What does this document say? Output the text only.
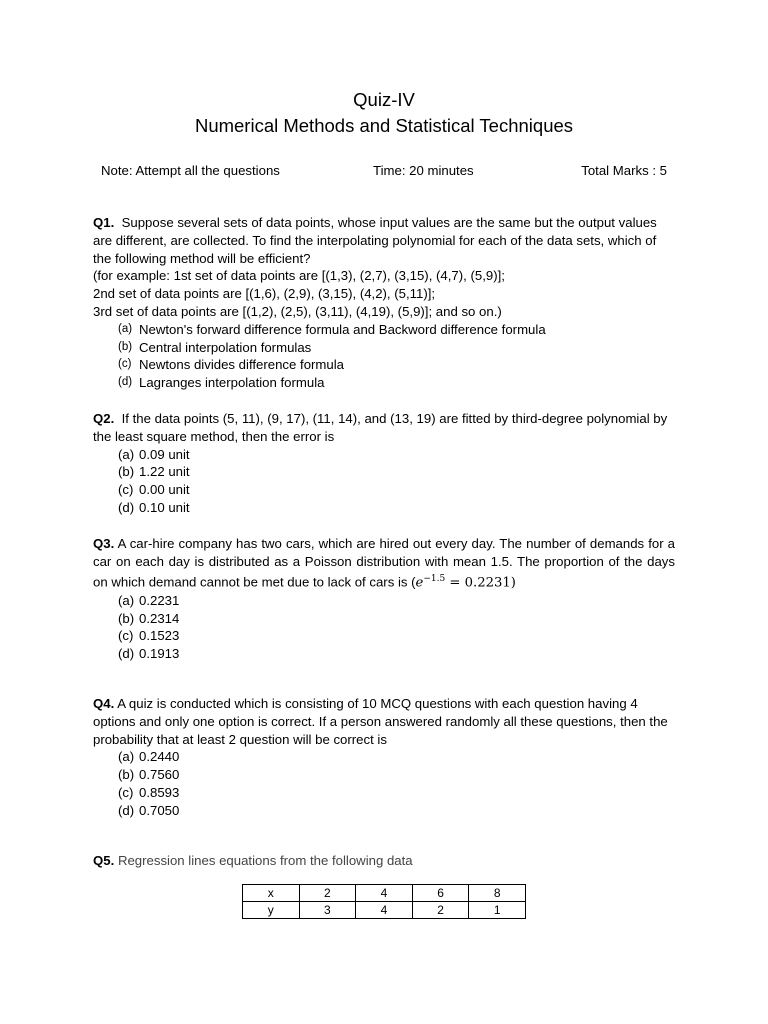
Quiz-IV
Numerical Methods and Statistical Techniques
Note: Attempt all the questions	Time: 20 minutes	Total Marks : 5

Q1. Suppose several sets of data points, whose input values are the same but the output values are different, are collected. To find the interpolating polynomial for each of the data sets, which of the following method will be efficient?

(for example: 1st set of data points are [(1,3), (2,7), (3,15), (4,7), (5,9)];

2nd set of data points are [(1,6), (2,9), (3,15), (4,2), (5,11)];

3rd set of data points are [(1,2), (2,5), (3,11), (4,19), (5,9)]; and so on.)

(a) Newton's forward difference formula and Backword difference formula
(b) Central interpolation formulas
(c) Newtons divides difference formula
(d) Lagranges interpolation formula

Q2. If the data points (5, 11), (9, 17), (11, 14), and (13, 19) are fitted by third-degree polynomial by the least square method, then the error is

(a) 0.09 unit
(b) 1.22 unit
(c) 0.00 unit
(d) 0.10 unit

Q3. A car-hire company has two cars, which are hired out every day. The number of demands for a car on each day is distributed as a Poisson distribution with mean 1.5. The proportion of the days on which demand cannot be met due to lack of cars is $(e^{-1.5} = 0.2231)$

(a) 0.2231
(b) 0.2314
(c) 0.1523
(d) 0.1913

Q4. A quiz is conducted which is consisting of 10 MCQ questions with each question having 4 options and only one option is correct. If a person answered randomly all these questions, then the probability that at least 2 question will be correct is

(a) 0.2440
(b) 0.7560
(c) 0.8593
(d) 0.7050

Q5. Regression lines equations from the following data

x	2	4	6	8
y	3	4	2	1
